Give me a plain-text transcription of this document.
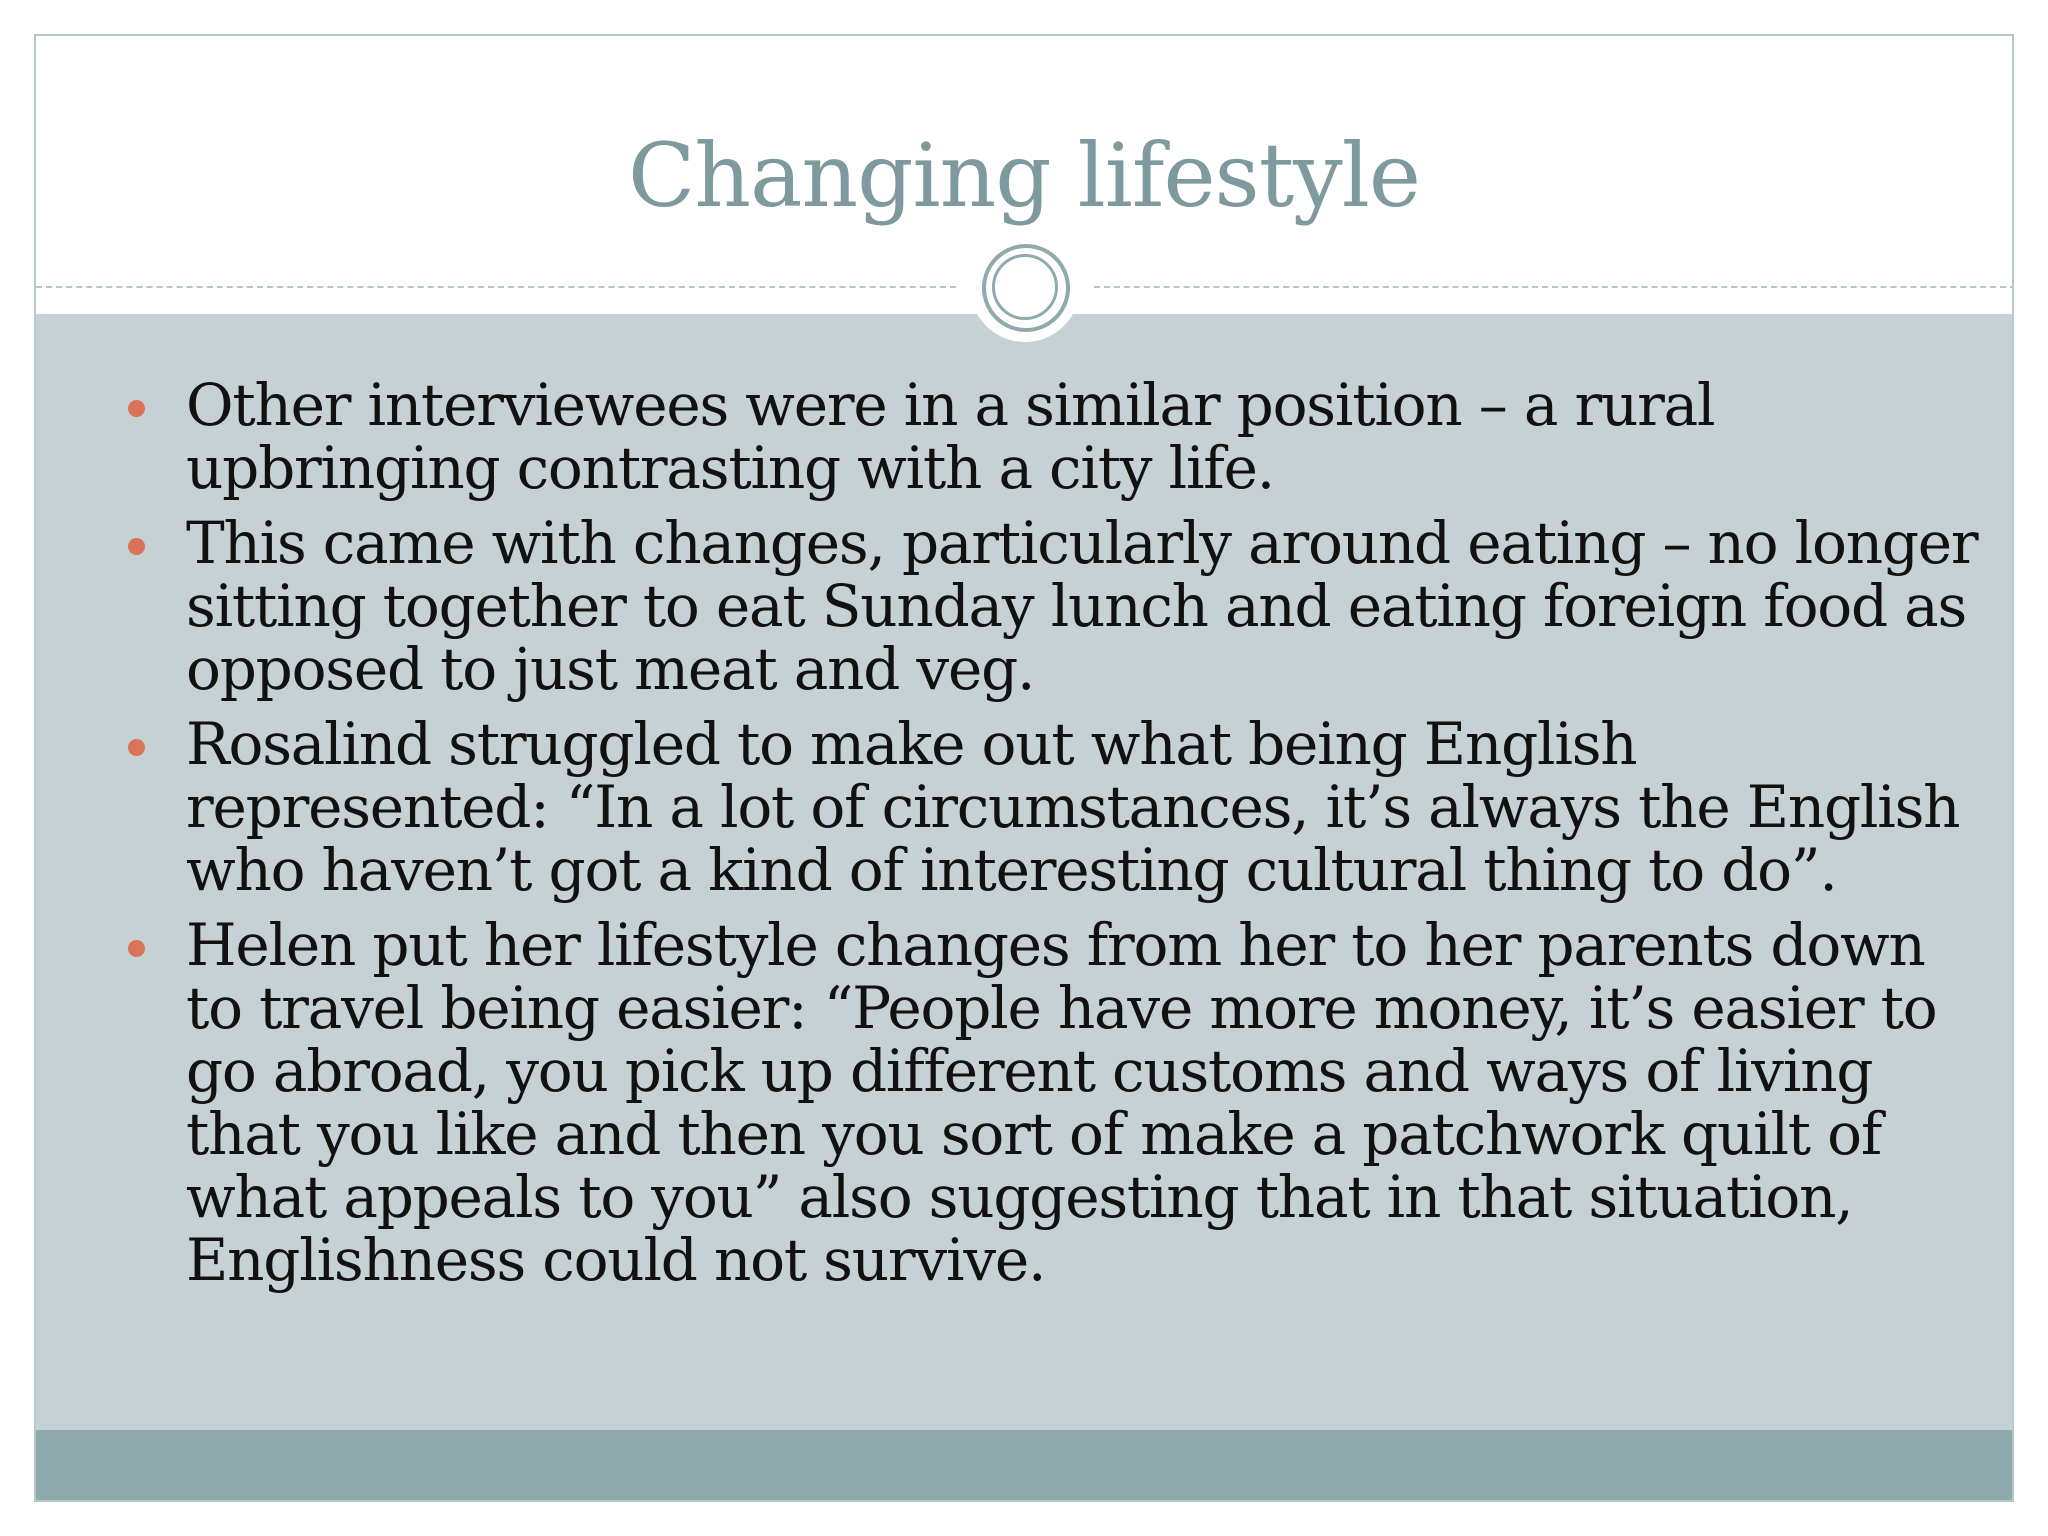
Changing lifestyle
Other interviewees were in a similar position – a rural upbringing contrasting with a city life.
This came with changes, particularly around eating – no longer sitting together to eat Sunday lunch and eating foreign food as opposed to just meat and veg.
Rosalind struggled to make out what being English represented: “In a lot of circumstances, it’s always the English who haven’t got a kind of interesting cultural thing to do”.
Helen put her lifestyle changes from her to her parents down to travel being easier: “People have more money, it’s easier to go abroad, you pick up different customs and ways of living that you like and then you sort of make a patchwork quilt of what appeals to you” also suggesting that in that situation, Englishness could not survive.
